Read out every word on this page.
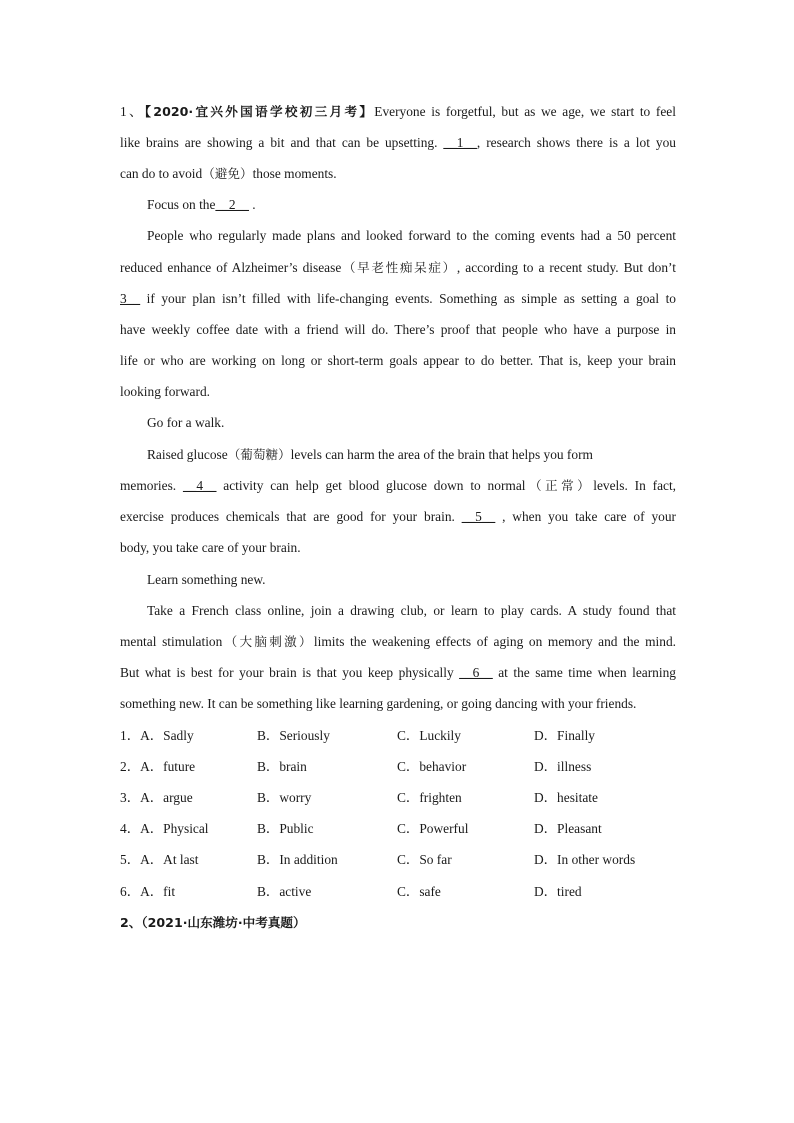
1、【2020·宜兴外国语学校初三月考】Everyone is forgetful, but as we age, we start to feel
like brains are showing a bit and that can be upsetting. __1__, research shows there is a lot you
can do to avoid（避免）those moments.
Focus on the__2__ .
People who regularly made plans and looked forward to the coming events had a 50 percent
reduced enhance of Alzheimer’s disease（早老性痴呆症）, according to a recent study. But don’t
3__ if your plan isn’t filled with life-changing events. Something as simple as setting a goal to
have weekly coffee date with a friend will do. There’s proof that people who have a purpose in
life or who are working on long or short-term goals appear to do better. That is, keep your brain
looking forward.
Go for a walk.
Raised glucose（葡萄糖）levels can harm the area of the brain that helps you form
memories. __4__ activity can help get blood glucose down to normal（正常）levels. In fact,
exercise produces chemicals that are good for your brain. __5__ , when you take care of your
body, you take care of your brain.
Learn something new.
Take a French class online, join a drawing club, or learn to play cards. A study found that
mental stimulation（大脑刺激）limits the weakening effects of aging on memory and the mind.
But what is best for your brain is that you keep physically __6__ at the same time when learning
something new. It can be something like learning gardening, or going dancing with your friends.
1．A．Sadly	B．Seriously	C．Luckily	D．Finally
2．A．future	B．brain	C．behavior	D．illness
3．A．argue	B．worry	C．frighten	D．hesitate
4．A．Physical	B．Public	C．Powerful	D．Pleasant
5．A．At last	B．In addition	C．So far	D．In other words
6．A．fit	B．active	C．safe	D．tired
2、（2021·山东潍坊·中考真题）
